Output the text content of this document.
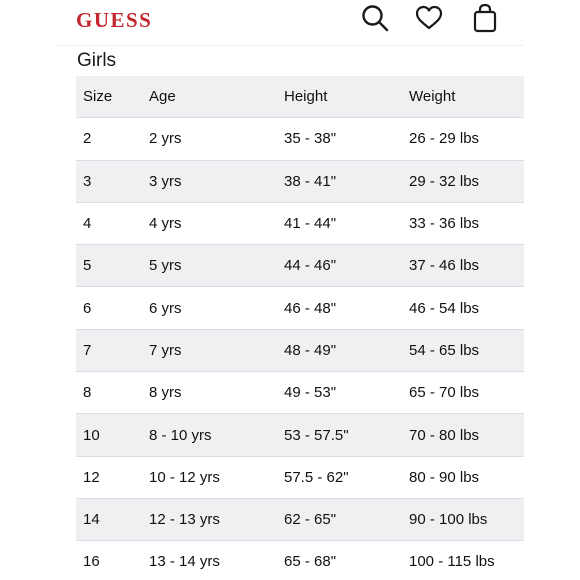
GUESS
Girls
Size	Age	Height	Weight
2	2 yrs	35 - 38"	26 - 29 lbs
3	3 yrs	38 - 41"	29 - 32 lbs
4	4 yrs	41 - 44"	33 - 36 lbs
5	5 yrs	44 - 46"	37 - 46 lbs
6	6 yrs	46 - 48"	46 - 54 lbs
7	7 yrs	48 - 49"	54 - 65 lbs
8	8 yrs	49 - 53"	65 - 70 lbs
10	8 - 10 yrs	53 - 57.5"	70 - 80 lbs
12	10 - 12 yrs	57.5 - 62"	80 - 90 lbs
14	12 - 13 yrs	62 - 65"	90 - 100 lbs
16	13 - 14 yrs	65 - 68"	100 - 115 lbs
